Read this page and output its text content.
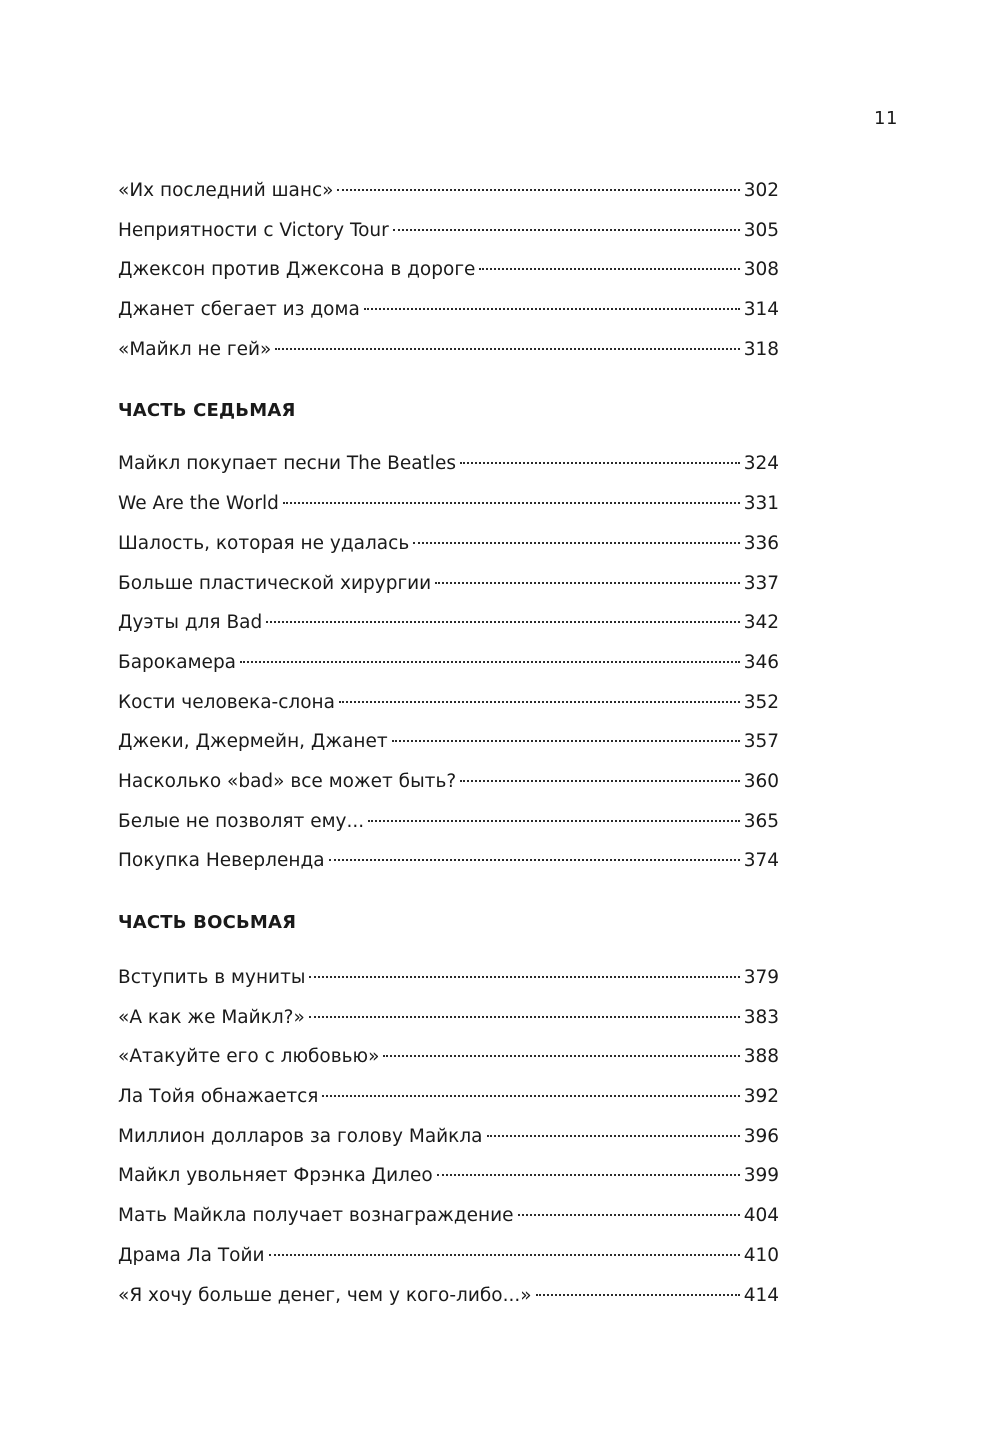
11
«Их последний шанс»	302
Неприятности с Victory Tour	305
Джексон против Джексона в дороге	308
Джанет сбегает из дома	314
«Майкл не гей»	318
ЧАСТЬ СЕДЬМАЯ
Майкл покупает песни The Beatles	324
We Are the World	331
Шалость, которая не удалась	336
Больше пластической хирургии	337
Дуэты для Bad	342
Барокамера	346
Кости человека-слона	352
Джеки, Джермейн, Джанет	357
Насколько «bad» все может быть?	360
Белые не позволят ему...	365
Покупка Неверленда	374
ЧАСТЬ ВОСЬМАЯ
Вступить в муниты	379
«А как же Майкл?»	383
«Атакуйте его с любовью»	388
Ла Тойя обнажается	392
Миллион долларов за голову Майкла	396
Майкл увольняет Фрэнка Дилео	399
Мать Майкла получает вознаграждение	404
Драма Ла Тойи	410
«Я хочу больше денег, чем у кого-либо...»	414
